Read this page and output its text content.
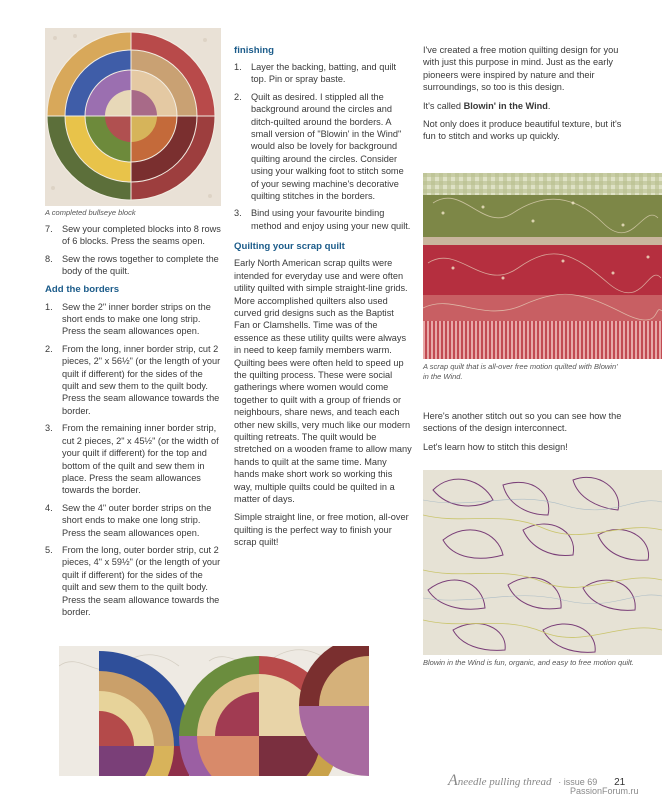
A completed bullseye block
7. Sew your completed blocks into 8 rows of 6 blocks. Press the seams open.
8. Sew the rows together to complete the body of the quilt.
Add the borders
1. Sew the 2" inner border strips on the short ends to make one long strip. Press the seam allowances open.
2. From the long, inner border strip, cut 2 pieces, 2" x 56½" (or the length of your quilt if different) for the sides of the quilt and sew them to the quilt body. Press the seam allowance towards the border.
3. From the remaining inner border strip, cut 2 pieces, 2" x 45½" (or the width of your quilt if different) for the top and bottom of the quilt and sew them in place. Press the seam allowances towards the border.
4. Sew the 4" outer border strips on the short ends to make one long strip. Press the seam allowances open.
5. From the long, outer border strip, cut 2 pieces, 4" x 59½" (or the length of your quilt if different) for the sides of the quilt and sew them to the quilt body. Press the seam allowance towards the border.
finishing
1. Layer the backing, batting, and quilt top. Pin or spray baste.
2. Quilt as desired. I stippled all the background around the circles and ditch-quilted around the borders. A small version of "Blowin' in the Wind" would also be lovely for background quilting around the circles. Consider using your walking foot to stitch some of your sewing machine's decorative quilting stitches in the borders.
3. Bind using your favourite binding method and enjoy using your new quilt.
Quilting your scrap quilt

Early North American scrap quilts were intended for everyday use and were often utility quilted with simple straight-line grids. More accomplished quilters also used curved grid designs such as the Baptist Fan or Clamshells. Time was of the essence as these utility quilts were always in need to keep family members warm. Quilting bees were often held to speed up the quilting process. These were social gatherings where women would come together to quilt with a group of friends or neighbours, share news, and teach each other new skills, very much like our modern quilting retreats. The quilt would be stretched on a wooden frame to allow many hands to quilt at the same time. Many hands make short work so working this way, multiple quilts could be quilted in a matter of days.

Simple straight line, or free motion, all-over quilting is the perfect way to finish your scrap quilt!

I've created a free motion quilting design for you with just this purpose in mind. Just as the early pioneers were inspired by nature and their surroundings, so too is this design.

It's called Blowin' in the Wind.

Not only does it produce beautiful texture, but it's fun to stitch and works up quickly.

A scrap quilt that is all-over free motion quilted with Blowin' in the Wind.

Here's another stitch out so you can see how the sections of the design interconnect.

Let's learn how to stitch this design!

Blowin in the Wind is fun, organic, and easy to free motion quilt.
Aneedle pulling thread · issue 69 21
PassionForum.ru
